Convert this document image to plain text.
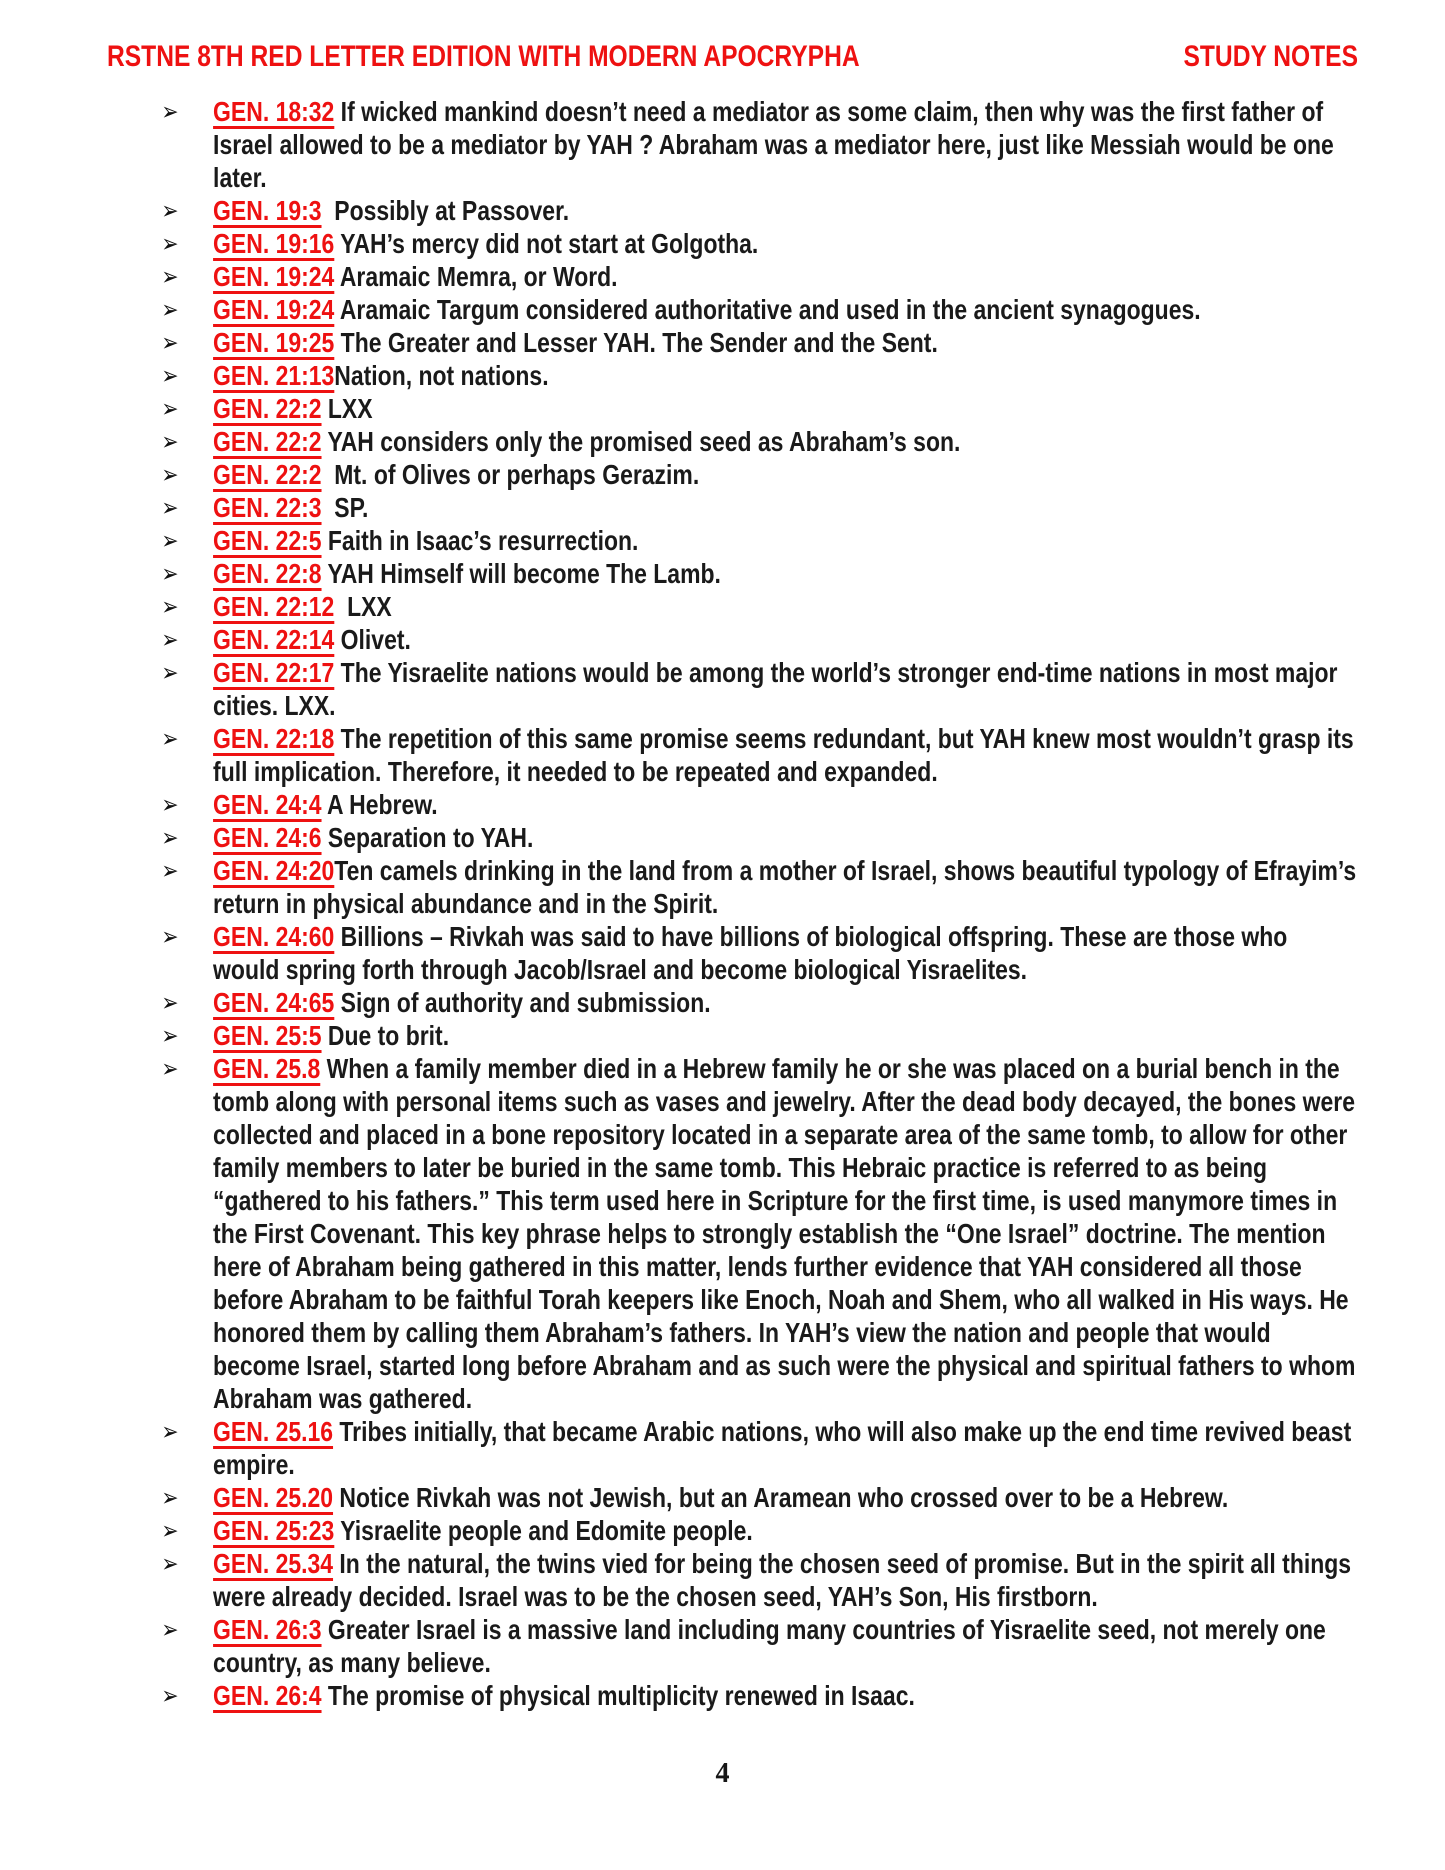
RSTNE 8TH RED LETTER EDITION WITH MODERN APOCRYPHA	STUDY NOTES
➢ GEN. 18:32 If wicked mankind doesn’t need a mediator as some claim, then why was the first father of Israel allowed to be a mediator by YAH ? Abraham was a mediator here, just like Messiah would be one later.
➢ GEN. 19:3  Possibly at Passover.
➢ GEN. 19:16 YAH’s mercy did not start at Golgotha.
➢ GEN. 19:24 Aramaic Memra, or Word.
➢ GEN. 19:24 Aramaic Targum considered authoritative and used in the ancient synagogues.
➢ GEN. 19:25 The Greater and Lesser YAH. The Sender and the Sent.
➢ GEN. 21:13Nation, not nations.
➢ GEN. 22:2 LXX
➢ GEN. 22:2 YAH considers only the promised seed as Abraham’s son.
➢ GEN. 22:2  Mt. of Olives or perhaps Gerazim.
➢ GEN. 22:3  SP.
➢ GEN. 22:5 Faith in Isaac’s resurrection.
➢ GEN. 22:8 YAH Himself will become The Lamb.
➢ GEN. 22:12  LXX
➢ GEN. 22:14 Olivet.
➢ GEN. 22:17 The Yisraelite nations would be among the world’s stronger end-time nations in most major cities. LXX.
➢ GEN. 22:18 The repetition of this same promise seems redundant, but YAH knew most wouldn’t grasp its full implication. Therefore, it needed to be repeated and expanded.
➢ GEN. 24:4 A Hebrew.
➢ GEN. 24:6 Separation to YAH.
➢ GEN. 24:20Ten camels drinking in the land from a mother of Israel, shows beautiful typology of Efrayim’s return in physical abundance and in the Spirit.
➢ GEN. 24:60 Billions – Rivkah was said to have billions of biological offspring. These are those who would spring forth through Jacob/Israel and become biological Yisraelites.
➢ GEN. 24:65 Sign of authority and submission.
➢ GEN. 25:5 Due to brit.
➢ GEN. 25.8 When a family member died in a Hebrew family he or she was placed on a burial bench in the tomb along with personal items such as vases and jewelry. After the dead body decayed, the bones were collected and placed in a bone repository located in a separate area of the same tomb, to allow for other family members to later be buried in the same tomb. This Hebraic practice is referred to as being “gathered to his fathers.” This term used here in Scripture for the first time, is used manymore times in the First Covenant. This key phrase helps to strongly establish the “One Israel” doctrine. The mention here of Abraham being gathered in this matter, lends further evidence that YAH considered all those before Abraham to be faithful Torah keepers like Enoch, Noah and Shem, who all walked in His ways. He honored them by calling them Abraham’s fathers. In YAH’s view the nation and people that would become Israel, started long before Abraham and as such were the physical and spiritual fathers to whom Abraham was gathered.
➢ GEN. 25.16 Tribes initially, that became Arabic nations, who will also make up the end time revived beast empire.
➢ GEN. 25.20 Notice Rivkah was not Jewish, but an Aramean who crossed over to be a Hebrew.
➢ GEN. 25:23 Yisraelite people and Edomite people.
➢ GEN. 25.34 In the natural, the twins vied for being the chosen seed of promise. But in the spirit all things were already decided. Israel was to be the chosen seed, YAH’s Son, His firstborn.
➢ GEN. 26:3 Greater Israel is a massive land including many countries of Yisraelite seed, not merely one country, as many believe.
➢ GEN. 26:4 The promise of physical multiplicity renewed in Isaac.
4
